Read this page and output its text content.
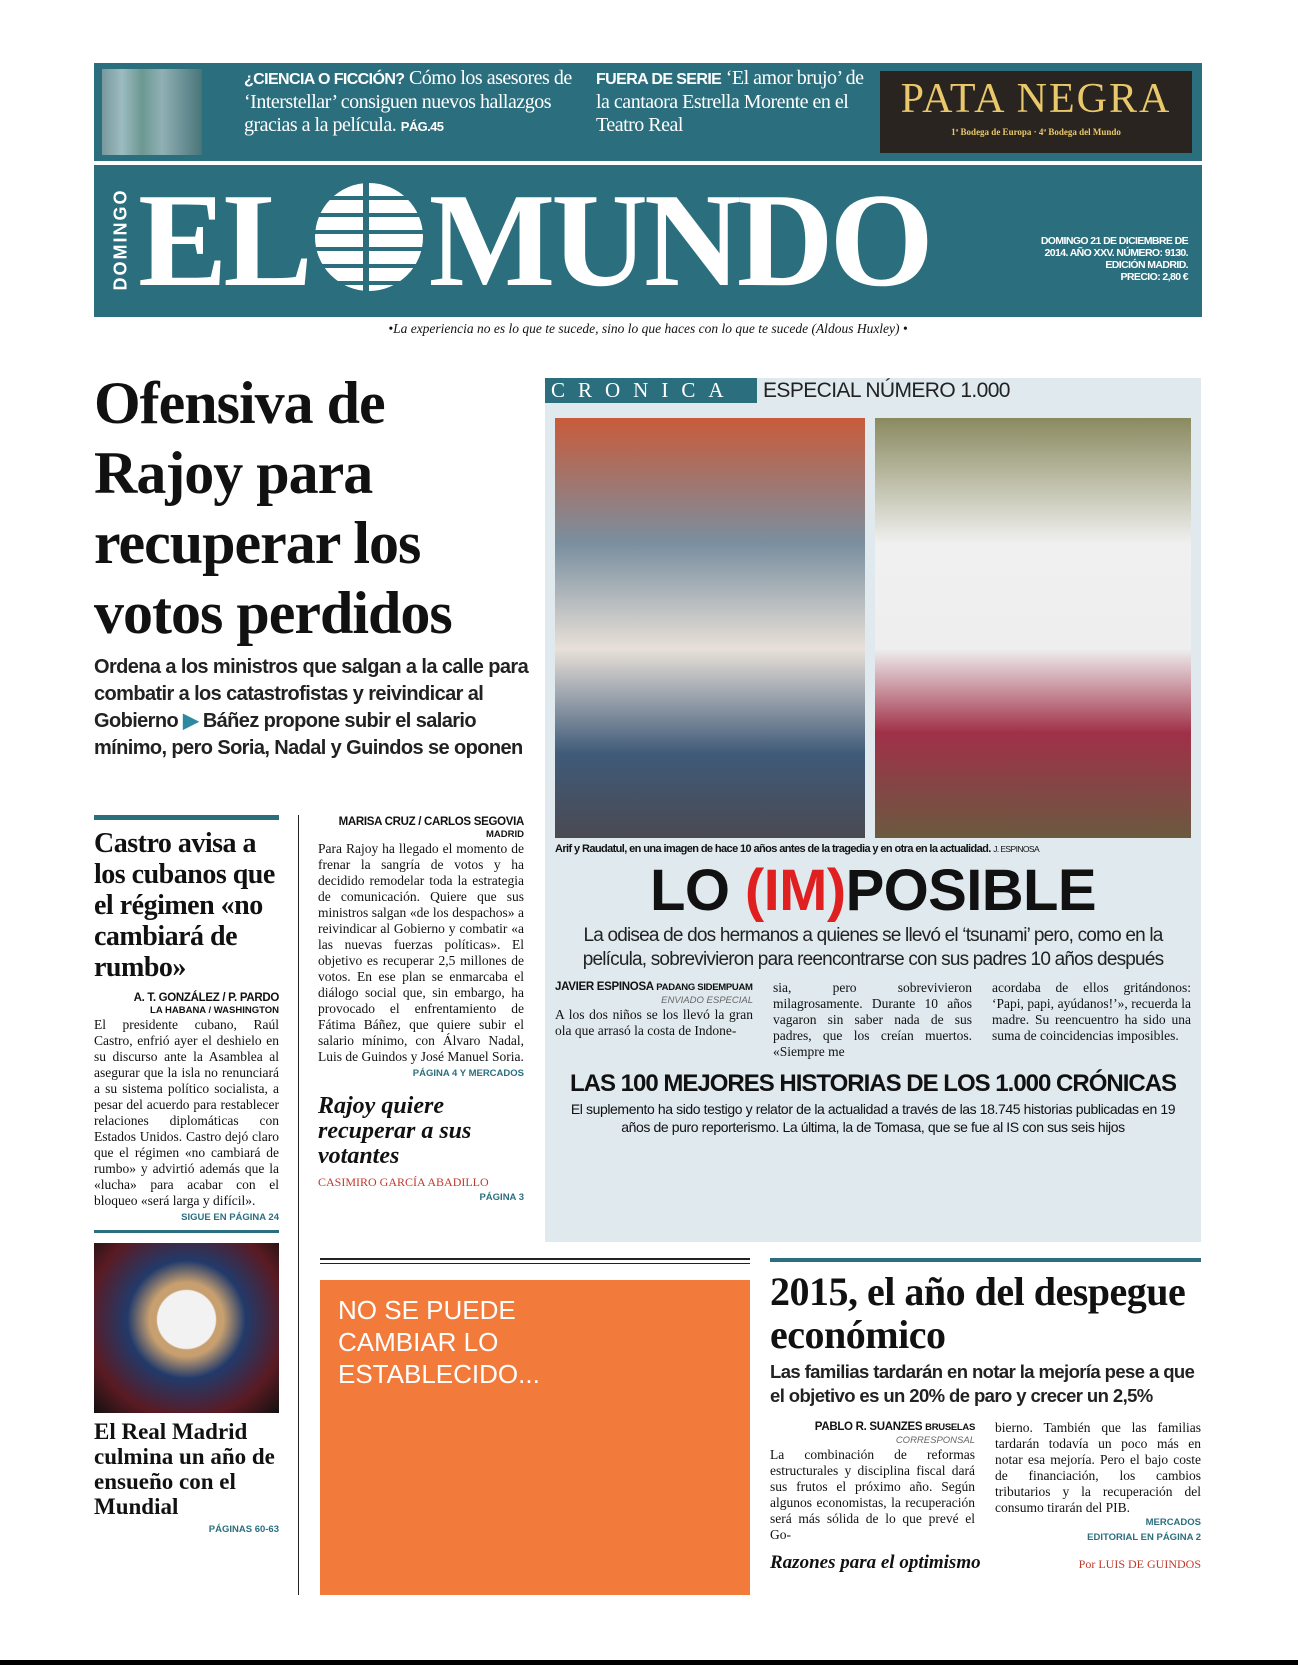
¿CIENCIA O FICCIÓN? Cómo los asesores de ‘Interstellar’ consiguen nuevos hallazgos gracias a la película. PÁG.45
FUERA DE SERIE ‘El amor brujo’ de la cantaora Estrella Morente en el Teatro Real
PATA NEGRA
1ª Bodega de Europa · 4ª Bodega del Mundo
DOMINGO EL MUNDO	DOMINGO 21 DE DICIEMBRE DE 2014. AÑO XXV. NÚMERO: 9130.
EDICIÓN MADRID.
PRECIO: 2,80 €
•La experiencia no es lo que te sucede, sino lo que haces con lo que te sucede (Aldous Huxley) •
Ofensiva de Rajoy para recuperar los votos perdidos
Ordena a los ministros que salgan a la calle para combatir a los catastrofistas y reivindicar al Gobierno ▶ Báñez propone subir el salario mínimo, pero Soria, Nadal y Guindos se oponen
MARISA CRUZ / CARLOS SEGOVIA
MADRID

Para Rajoy ha llegado el momento de frenar la sangría de votos y ha decidido remodelar toda la estrategia de comunicación. Quiere que sus ministros salgan «de los despachos» a reivindicar al Gobierno y combatir «a las nuevas fuerzas políticas». El objetivo es recuperar 2,5 millones de votos. En ese plan se enmarcaba el diálogo social que, sin embargo, ha provocado el enfrentamiento de Fátima Báñez, que quiere subir el salario mínimo, con Álvaro Nadal, Luis de Guindos y José Manuel Soria.

PÁGINA 4 Y MERCADOS
Rajoy quiere recuperar a sus votantes
CASIMIRO GARCÍA ABADILLO
PÁGINA 3
Castro avisa a los cubanos que el régimen «no cambiará de rumbo»
A. T. GONZÁLEZ / P. PARDO
LA HABANA / WASHINGTON

El presidente cubano, Raúl Castro, enfrió ayer el deshielo en su discurso ante la Asamblea al asegurar que la isla no renunciará a su sistema político socialista, a pesar del acuerdo para restablecer relaciones diplomáticas con Estados Unidos. Castro dejó claro que el régimen «no cambiará de rumbo» y advirtió además que la «lucha» para acabar con el bloqueo «será larga y difícil».

SIGUE EN PÁGINA 24
El Real Madrid culmina un año de ensueño con el Mundial
PÁGINAS 60-63
CRONICA	ESPECIAL NÚMERO 1.000
Arif y Raudatul, en una imagen de hace 10 años antes de la tragedia y en otra en la actualidad. J. ESPINOSA
LO (IM)POSIBLE
La odisea de dos hermanos a quienes se llevó el ‘tsunami’ pero, como en la película, sobrevivieron para reencontrarse con sus padres 10 años después
JAVIER ESPINOSA PADANG SIDEMPUAM
ENVIADO ESPECIAL

A los dos niños se los llevó la gran ola que arrasó la costa de Indone-

sia, pero sobrevivieron milagrosamente. Durante 10 años vagaron sin saber nada de sus padres, que los creían muertos. «Siempre me

acordaba de ellos gritándonos: ‘Papi, papi, ayúdanos!’», recuerda la madre. Su reencuentro ha sido una suma de coincidencias imposibles.

LAS 100 MEJORES HISTORIAS DE LOS 1.000 CRÓNICAS
El suplemento ha sido testigo y relator de la actualidad a través de las 18.745 historias publicadas en 19 años de puro reporterismo. La última, la de Tomasa, que se fue al IS con sus seis hijos
NO SE PUEDE CAMBIAR LO ESTABLECIDO...
2015, el año del despegue económico
Las familias tardarán en notar la mejoría pese a que el objetivo es un 20% de paro y crecer un 2,5%
PABLO R. SUANZES BRUSELAS
CORRESPONSAL

La combinación de reformas estructurales y disciplina fiscal dará sus frutos el próximo año. Según algunos economistas, la recuperación será más sólida de lo que prevé el Go-

bierno. También que las familias tardarán todavía un poco más en notar esa mejoría. Pero el bajo coste de financiación, los cambios tributarios y la recuperación del consumo tirarán del PIB.

MERCADOS
EDITORIAL EN PÁGINA 2
Razones para el optimismo	Por LUIS DE GUINDOS
